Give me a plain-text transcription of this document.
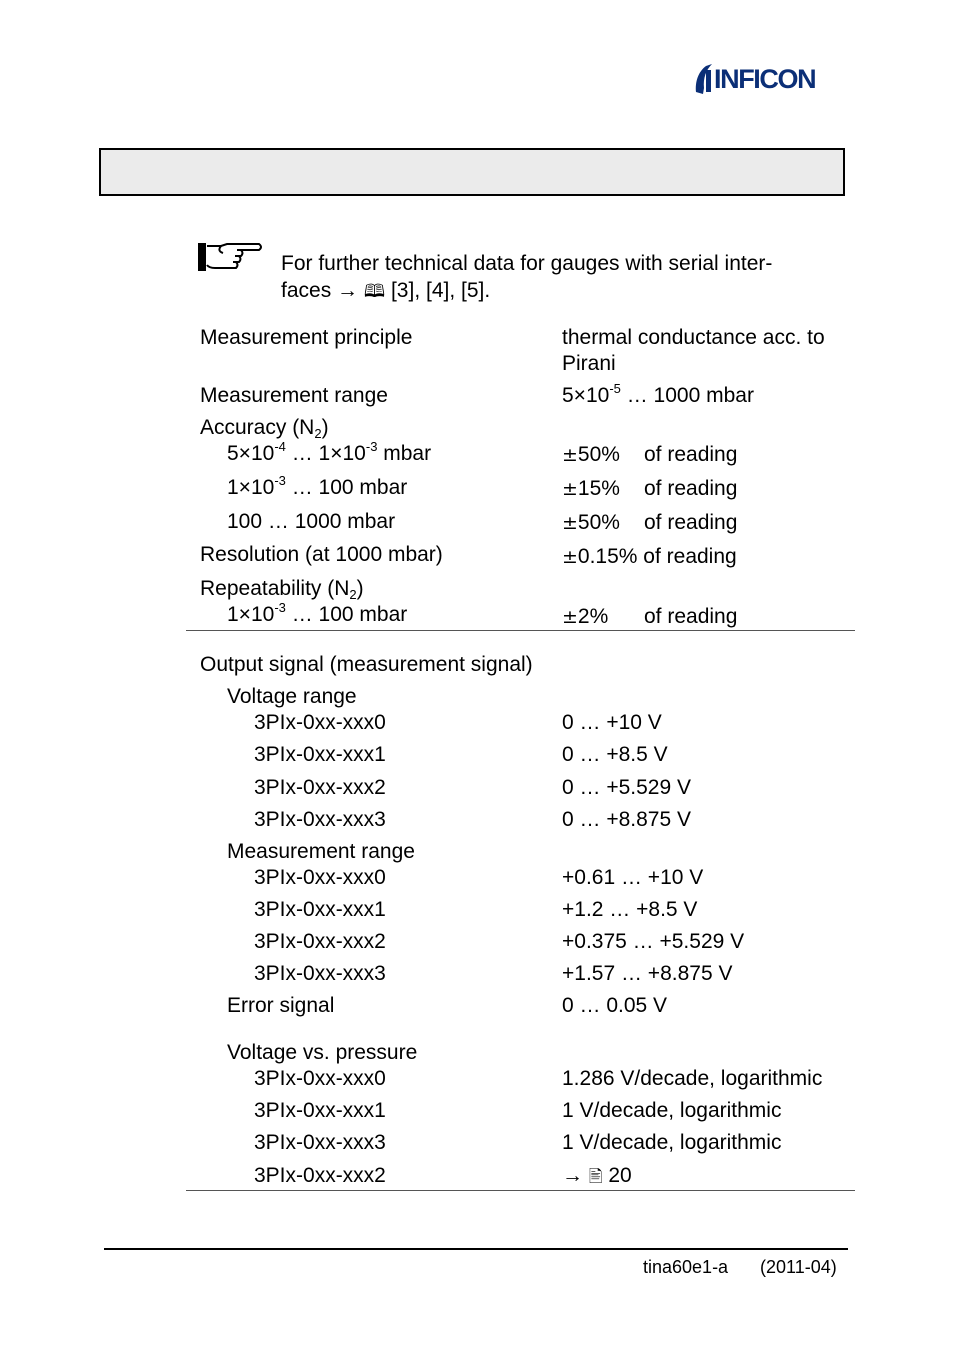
INFICON
For further technical data for gauges with serial inter-
faces → 🕮 [3], [4], [5].
Measurement principle	thermal conductance acc. to
Pirani
Measurement range	$5\times 10^{-5}$ … 1000 mbar
Accuracy $(N_2)$
$5\times 10^{-4}$ … $1\times 10^{-3}$ mbar	±50% of reading
$1\times 10^{-3}$ … 100 mbar	±15% of reading
100 … 1000 mbar	±50% of reading
Resolution (at 1000 mbar)	±0.15% of reading
Repeatability $(N_2)$
$1\times 10^{-3}$ … 100 mbar	±2% of reading
Output signal (measurement signal)
Voltage range
3PIx-0xx-xxx0	0 … +10 V
3PIx-0xx-xxx1	0 … +8.5 V
3PIx-0xx-xxx2	0 … +5.529 V
3PIx-0xx-xxx3	0 … +8.875 V
Measurement range
3PIx-0xx-xxx0	+0.61 … +10 V
3PIx-0xx-xxx1	+1.2 … +8.5 V
3PIx-0xx-xxx2	+0.375 … +5.529 V
3PIx-0xx-xxx3	+1.57 … +8.875 V
Error signal	0 … 0.05 V
Voltage vs. pressure
3PIx-0xx-xxx0	1.286 V/decade, logarithmic
3PIx-0xx-xxx1	1 V/decade, logarithmic
3PIx-0xx-xxx3	1 V/decade, logarithmic
3PIx-0xx-xxx2	→ 🖹 20
tina60e1-a (2011-04)
